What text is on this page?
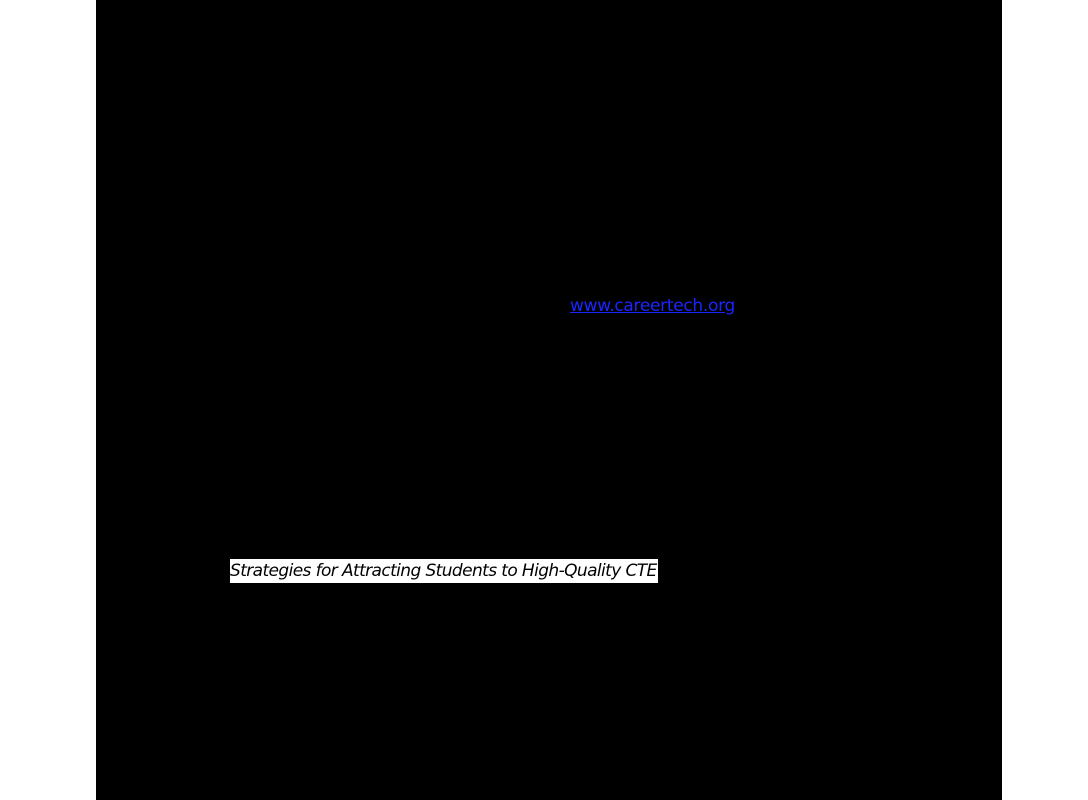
www.careertech.org
Strategies for Attracting Students to High-Quality CTE
